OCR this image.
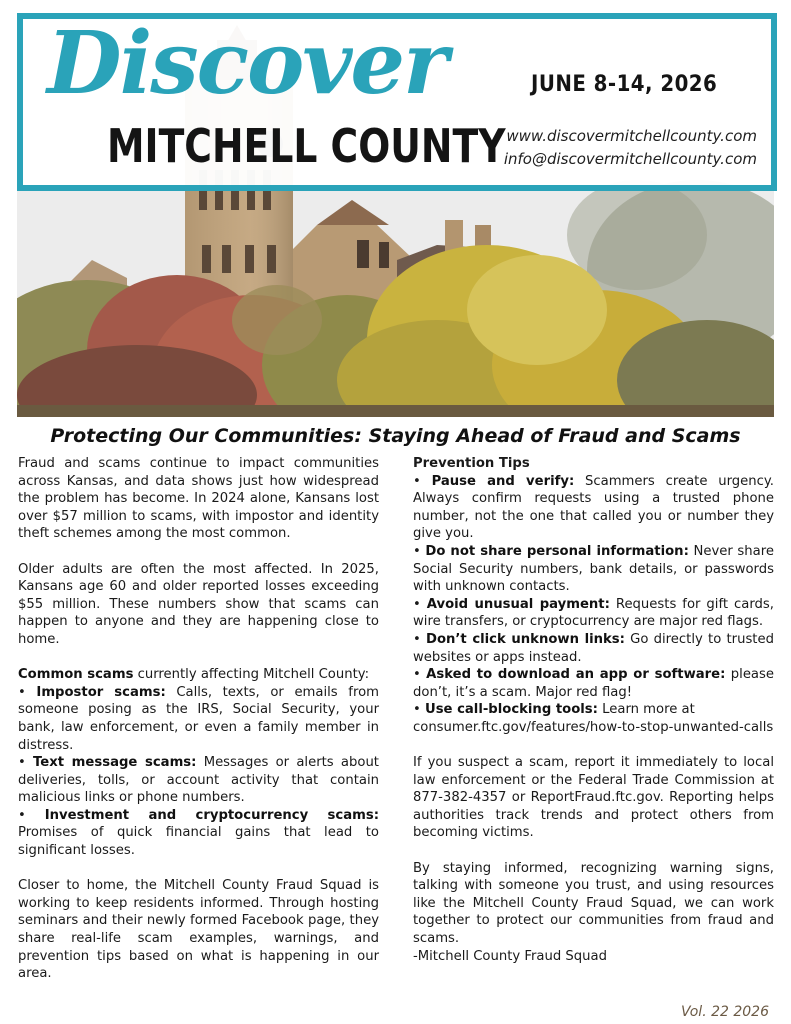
Discover
MITCHELL COUNTY
JUNE 8-14, 2026
www.discovermitchellcounty.com
info@discovermitchellcounty.com
Protecting Our Communities: Staying Ahead of Fraud and Scams

Fraud and scams continue to impact communities across Kansas, and data shows just how widespread the problem has become. In 2024 alone, Kansans lost over $57 million to scams, with impostor and identity theft schemes among the most common.

Older adults are often the most affected. In 2025, Kansans age 60 and older reported losses exceeding $55 million. These numbers show that scams can happen to anyone and they are happening close to home.

Common scams currently affecting Mitchell County:

• Impostor scams: Calls, texts, or emails from someone posing as the IRS, Social Security, your bank, law enforcement, or even a family member in distress.

• Text message scams: Messages or alerts about deliveries, tolls, or account activity that contain malicious links or phone numbers.

• Investment and cryptocurrency scams: Promises of quick financial gains that lead to significant losses.

Closer to home, the Mitchell County Fraud Squad is working to keep residents informed. Through hosting seminars and their newly formed Facebook page, they share real-life scam examples, warnings, and prevention tips based on what is happening in our area.

Prevention Tips

• Pause and verify: Scammers create urgency. Always confirm requests using a trusted phone number, not the one that called you or number they give you.

• Do not share personal information: Never share Social Security numbers, bank details, or passwords with unknown contacts.

• Avoid unusual payment: Requests for gift cards, wire transfers, or cryptocurrency are major red flags.

• Don’t click unknown links: Go directly to trusted websites or apps instead.

• Asked to download an app or software: please don’t, it’s a scam. Major red flag!

• Use call-blocking tools: Learn more at consumer.ftc.gov/features/how-to-stop-unwanted-calls

If you suspect a scam, report it immediately to local law enforcement or the Federal Trade Commission at 877-382-4357 or ReportFraud.ftc.gov. Reporting helps authorities track trends and protect others from becoming victims.

By staying informed, recognizing warning signs, talking with someone you trust, and using resources like the Mitchell County Fraud Squad, we can work together to protect our communities from fraud and scams.

-Mitchell County Fraud Squad

Vol. 22 2026
